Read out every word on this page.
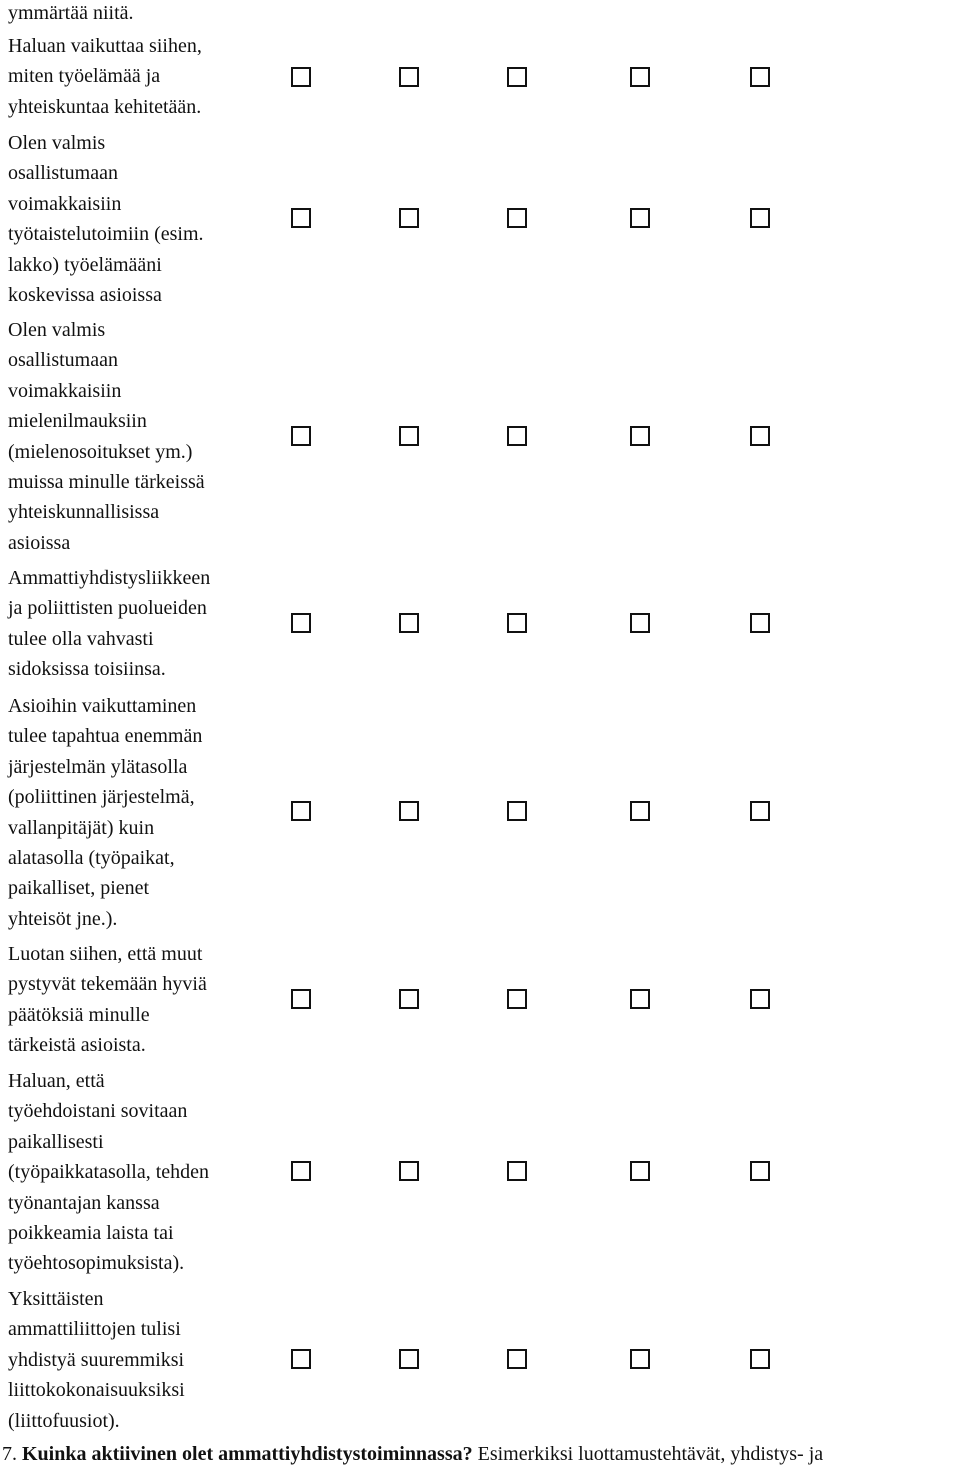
ymmärtää niitä.
Haluan vaikuttaa siihen,
miten työelämää ja
yhteiskuntaa kehitetään.
Olen valmis
osallistumaan
voimakkaisiin
työtaistelutoimiin (esim.
lakko) työelämääni
koskevissa asioissa
Olen valmis
osallistumaan
voimakkaisiin
mielenilmauksiin
(mielenosoitukset ym.)
muissa minulle tärkeissä
yhteiskunnallisissa
asioissa
Ammattiyhdistysliikkeen
ja poliittisten puolueiden
tulee olla vahvasti
sidoksissa toisiinsa.
Asioihin vaikuttaminen
tulee tapahtua enemmän
järjestelmän ylätasolla
(poliittinen järjestelmä,
vallanpitäjät) kuin
alatasolla (työpaikat,
paikalliset, pienet
yhteisöt jne.).
Luotan siihen, että muut
pystyvät tekemään hyviä
päätöksiä minulle
tärkeistä asioista.
Haluan, että
työehdoistani sovitaan
paikallisesti
(työpaikkatasolla, tehden
työnantajan kanssa
poikkeamia laista tai
työehtosopimuksista).
Yksittäisten
ammattiliittojen tulisi
yhdistyä suuremmiksi
liittokokonaisuuksiksi
(liittofuusiot).
7. Kuinka aktiivinen olet ammattiyhdistystoiminnassa? Esimerkiksi luottamustehtävät, yhdistys- ja
